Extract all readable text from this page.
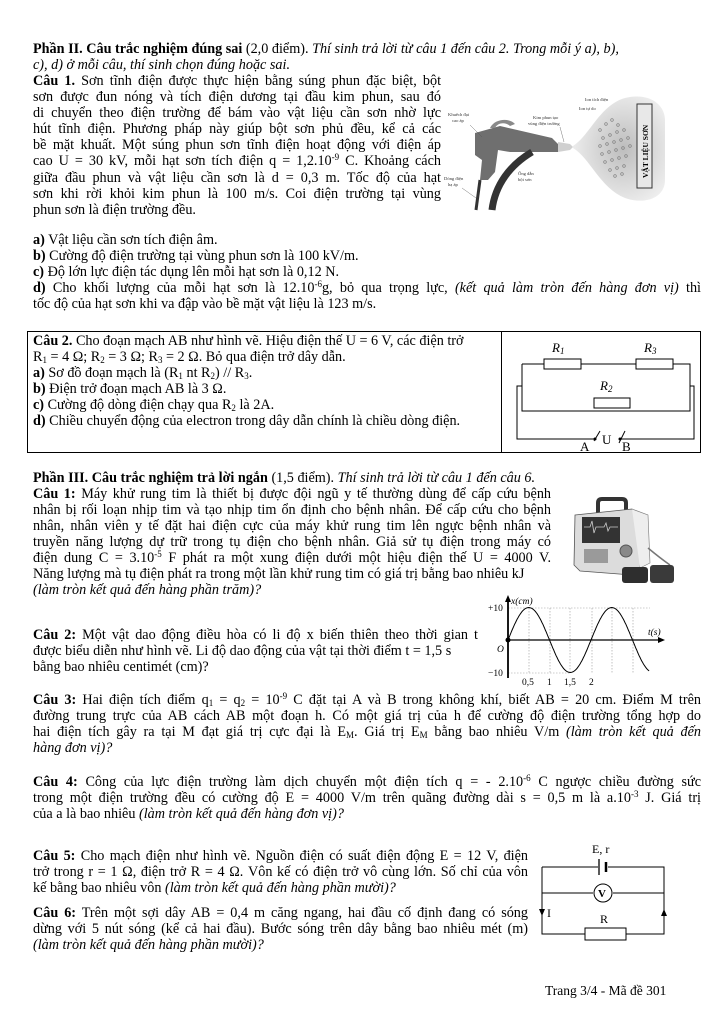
Phần II. Câu trắc nghiệm đúng sai (2,0 điểm). Thí sinh trả lời từ câu 1 đến câu 2. Trong mỗi ý a), b),
c), d) ở mỗi câu, thí sinh chọn đúng hoặc sai.
Câu 1. Sơn tĩnh điện được thực hiện bằng súng phun đặc biệt, bột
sơn được đun nóng và tích điện dương tại đầu kim phun, sau đó
di chuyển theo điện trường để bám vào vật liệu cần sơn nhờ lực
hút tĩnh điện. Phương pháp này giúp bột sơn phủ đều, kể cả các
bề mặt khuất. Một súng phun sơn tĩnh điện hoạt động với điện áp
cao U = 30 kV, mỗi hạt sơn tích điện $q = 1,2.10^{-9}$ C. Khoảng cách
giữa đầu phun và vật liệu cần sơn là d = 0,3 m. Tốc độ của hạt
sơn khi rời khỏi kim phun là 100 m/s. Coi điện trường tại vùng
phun sơn là điện trường đều.
a) Vật liệu cần sơn tích điện âm.
b) Cường độ điện trường tại vùng phun sơn là 100 kV/m.
c) Độ lớn lực điện tác dụng lên mỗi hạt sơn là 0,12 N.
d) Cho khối lượng của mỗi hạt sơn là $12.10^{-6}g$, bỏ qua trọng lực, (kết quả làm tròn đến hàng đơn vị) thì
tốc độ của hạt sơn khi va đập vào bề mặt vật liệu là 123 m/s.
VẬT LIỆU SƠN
Ion tích điện
Ion tự do
Khuếch đại
cao áp
Kim phun tạo
vùng điện trường
Dòng điện
hạ áp
Ống dẫn
bột sơn
Câu 2. Cho đoạn mạch AB như hình vẽ. Hiệu điện thế U = 6 V, các điện trở
$R_1 = 4$ Ω; $R_2 = 3$ Ω; $R_3 = 2$ Ω. Bỏ qua điện trở dây dẫn.
a) Sơ đồ đoạn mạch là ($R_1$ nt $R_2) // R_3$.
b) Điện trở đoạn mạch AB là 3 Ω.
c) Cường độ dòng điện chạy qua $R_2$ là 2A.
d) Chiều chuyển động của electron trong dây dẫn chính là chiều dòng điện.
R1	R3
R2
A U B
Phần III. Câu trắc nghiệm trả lời ngắn (1,5 điểm). Thí sinh trả lời từ câu 1 đến câu 6.
Câu 1: Máy khử rung tim là thiết bị được đội ngũ y tế thường dùng để cấp cứu bệnh
nhân bị rối loạn nhịp tim và tạo nhịp tim ổn định cho bệnh nhân. Để cấp cứu cho bệnh
nhân, nhân viên y tế đặt hai điện cực của máy khử rung tim lên ngực bệnh nhân và
truyền năng lượng dự trữ trong tụ điện cho bệnh nhân. Giả sử tụ điện trong máy có
điện dung $C = 3.10^{-5}$ F phát ra một xung điện dưới một hiệu điện thế U = 4000 V.
Năng lượng mà tụ điện phát ra trong một lần khử rung tim có giá trị bằng bao nhiêu kJ
(làm tròn kết quả đến hàng phần trăm)?
Câu 2: Một vật dao động điều hòa có li độ x biến thiên theo thời gian t
được biểu diễn như hình vẽ. Li độ dao động của vật tại thời điểm t = 1,5 s
bằng bao nhiêu centimét (cm)?
x(cm)
t(s)
O
+10
−10
0,5 1 1,5 2
Câu 3: Hai điện tích điểm $q_1 = q_2 = 10^{-9}$ C đặt tại A và B trong không khí, biết AB = 20 cm. Điểm M trên
đường trung trực của AB cách AB một đoạn h. Có một giá trị của h để cường độ điện trường tổng hợp do
hai điện tích gây ra tại M đạt giá trị cực đại là $E_M$. Giá trị $E_M$ bằng bao nhiêu V/m (làm tròn kết quả đến
hàng đơn vị)?
Câu 4: Công của lực điện trường làm dịch chuyển một điện tích q = - $2.10^{-6}$ C ngược chiều đường sức
trong một điện trường đều có cường độ E = 4000 V/m trên quãng đường dài s = 0,5 m là $a.10^{-3}$ J. Giá trị
của a là bao nhiêu (làm tròn kết quả đến hàng đơn vị)?
Câu 5: Cho mạch điện như hình vẽ. Nguồn điện có suất điện động E = 12 V, điện
trở trong r = 1 Ω, điện trở R = 4 Ω. Vôn kế có điện trở vô cùng lớn. Số chỉ của vôn
kế bằng bao nhiêu vôn (làm tròn kết quả đến hàng phần mười)?
E, r
V
I	R
Câu 6: Trên một sợi dây AB = 0,4 m căng ngang, hai đầu cố định đang có sóng
dừng với 5 nút sóng (kể cả hai đầu). Bước sóng trên dây bằng bao nhiêu mét (m)
(làm tròn kết quả đến hàng phần mười)?
Trang 3/4 - Mã đề 301
